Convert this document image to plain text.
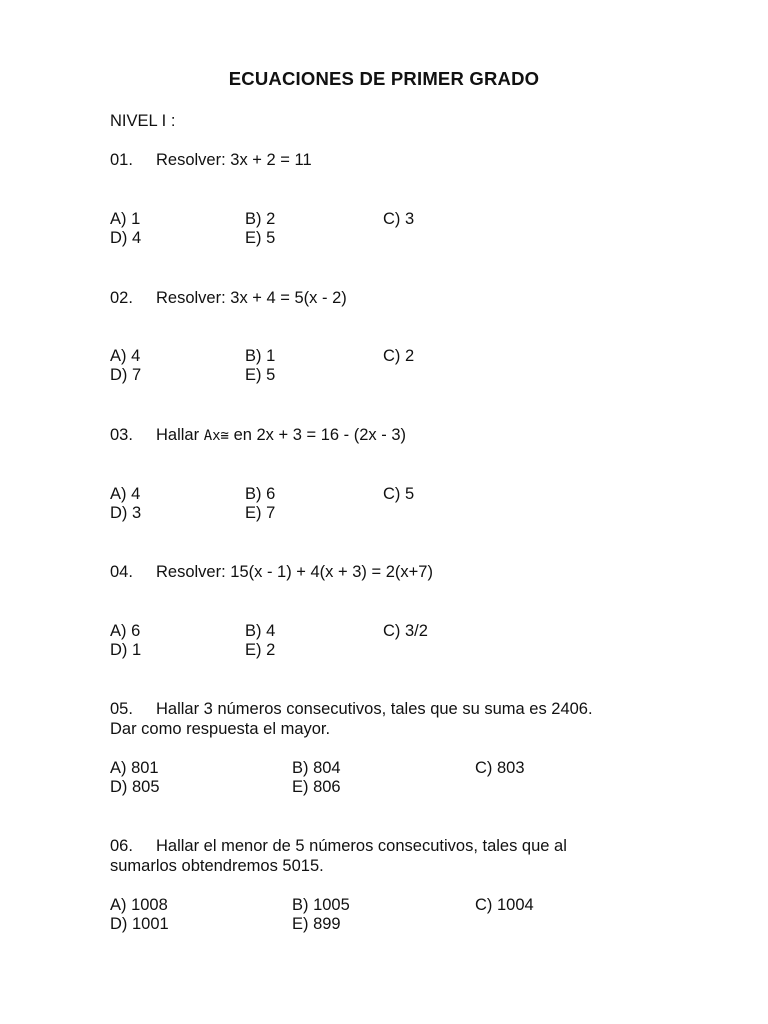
ECUACIONES DE PRIMER GRADO
NIVEL I :
01. Resolver: 3x + 2 = 11
A) 1	B) 2	C) 3
D) 4	E) 5
02. Resolver: 3x + 4 = 5(x - 2)
A) 4	B) 1	C) 2
D) 7	E) 5
03. Hallar Ax≅ en 2x + 3 = 16 - (2x - 3)
A) 4	B) 6	C) 5
D) 3	E) 7
04. Resolver: 15(x - 1) + 4(x + 3) = 2(x+7)
A) 6	B) 4	C) 3/2
D) 1	E) 2
05. Hallar 3 números consecutivos, tales que su suma es 2406.
Dar como respuesta el mayor.
A) 801	B) 804	C) 803
D) 805	E) 806
06. Hallar el menor de 5 números consecutivos, tales que al
sumarlos obtendremos 5015.
A) 1008	B) 1005	C) 1004
D) 1001	E) 899
